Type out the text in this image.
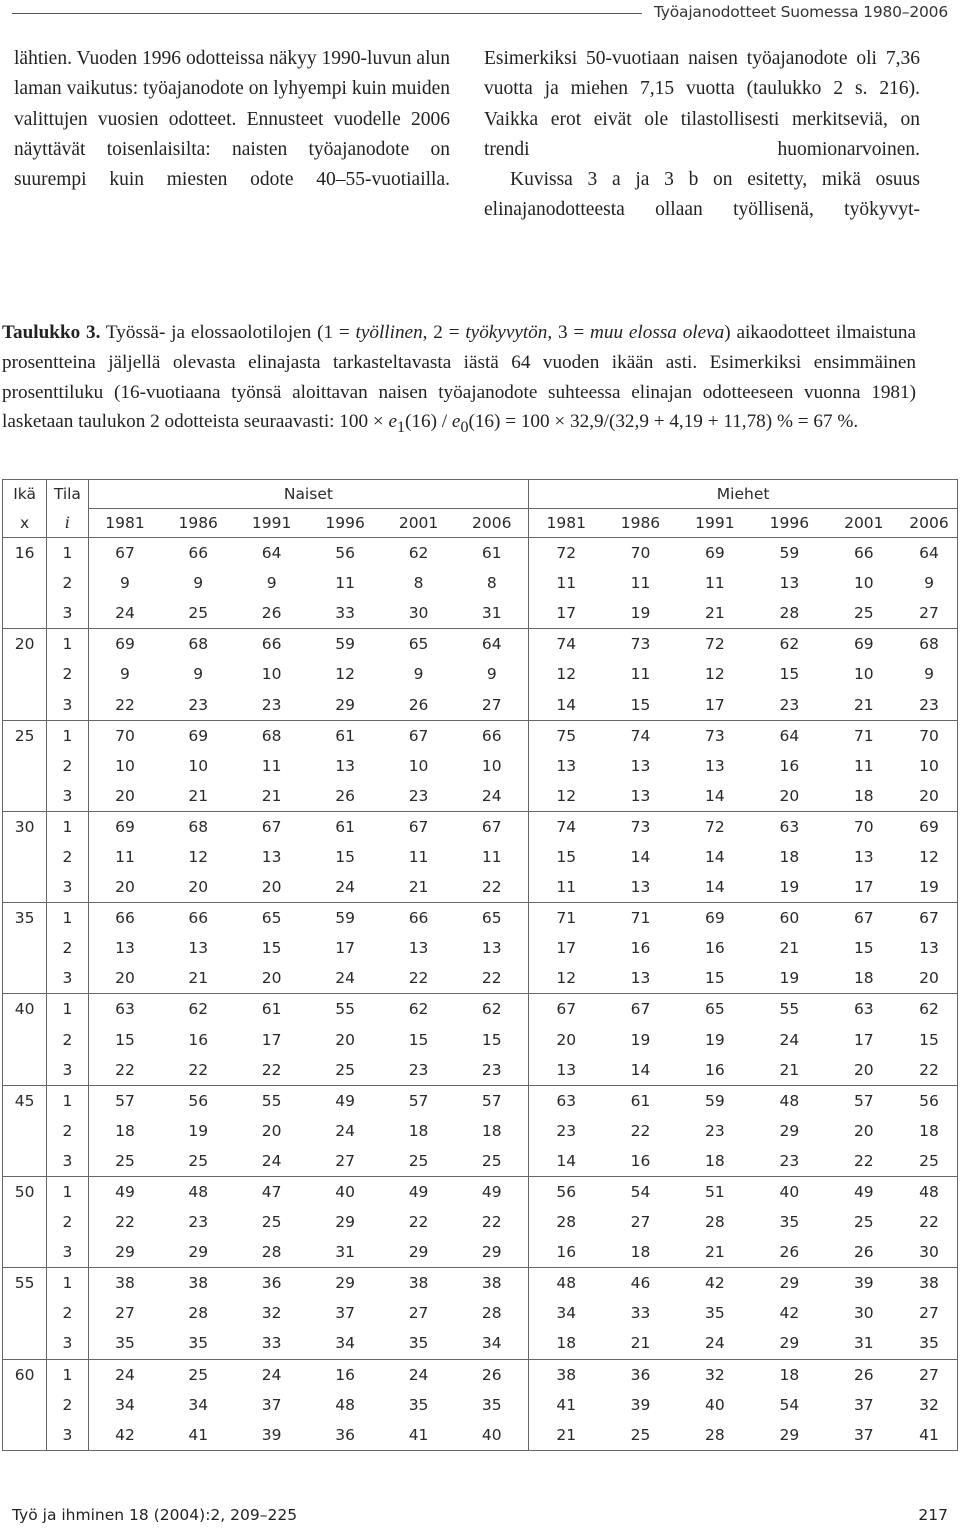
Työajanodotteet Suomessa 1980–2006

lähtien. Vuoden 1996 odotteissa näkyy 1990-luvun alun laman vaikutus: työajanodote on lyhyempi kuin muiden valittujen vuosien odotteet. Ennusteet vuodelle 2006 näyttävät toisenlaisilta: naisten työajanodote on suurempi kuin miesten odote 40–55-vuotiailla.

Esimerkiksi 50-vuotiaan naisen työajanodote oli 7,36 vuotta ja miehen 7,15 vuotta (taulukko 2 s. 216). Vaikka erot eivät ole tilastollisesti merkitseviä, on trendi huomionarvoinen.

Kuvissa 3 a ja 3 b on esitetty, mikä osuus elinajanodotteesta ollaan työllisenä, työkyvyt-

Taulukko 3. Työssä- ja elossaolotilojen (1 = työllinen, 2 = työkyvytön, 3 = muu elossa oleva) aikaodotteet ilmaistuna prosentteina jäljellä olevasta elinajasta tarkasteltavasta iästä 64 vuoden ikään asti. Esimerkiksi ensimmäinen prosenttiluku (16-vuotiaana työnsä aloittavan naisen työajanodote suhteessa elinajan odotteeseen vuonna 1981) lasketaan taulukon 2 odotteista seuraavasti: $100 \times e_1(16) / e_0(16) = 100 \times 32,9/(32,9 + 4,19 + 11,78)$ % = 67 %.
Ikä	Tila	Naiset						Miehet					
x	i	1981	1986	1991	1996	2001	2006	1981	1986	1991	1996	2001	2006
16	1	67	66	64	56	62	61	72	70	69	59	66	64
	2	9	9	9	11	8	8	11	11	11	13	10	9
	3	24	25	26	33	30	31	17	19	21	28	25	27
20	1	69	68	66	59	65	64	74	73	72	62	69	68
	2	9	9	10	12	9	9	12	11	12	15	10	9
	3	22	23	23	29	26	27	14	15	17	23	21	23
25	1	70	69	68	61	67	66	75	74	73	64	71	70
	2	10	10	11	13	10	10	13	13	13	16	11	10
	3	20	21	21	26	23	24	12	13	14	20	18	20
30	1	69	68	67	61	67	67	74	73	72	63	70	69
	2	11	12	13	15	11	11	15	14	14	18	13	12
	3	20	20	20	24	21	22	11	13	14	19	17	19
35	1	66	66	65	59	66	65	71	71	69	60	67	67
	2	13	13	15	17	13	13	17	16	16	21	15	13
	3	20	21	20	24	22	22	12	13	15	19	18	20
40	1	63	62	61	55	62	62	67	67	65	55	63	62
	2	15	16	17	20	15	15	20	19	19	24	17	15
	3	22	22	22	25	23	23	13	14	16	21	20	22
45	1	57	56	55	49	57	57	63	61	59	48	57	56
	2	18	19	20	24	18	18	23	22	23	29	20	18
	3	25	25	24	27	25	25	14	16	18	23	22	25
50	1	49	48	47	40	49	49	56	54	51	40	49	48
	2	22	23	25	29	22	22	28	27	28	35	25	22
	3	29	29	28	31	29	29	16	18	21	26	26	30
55	1	38	38	36	29	38	38	48	46	42	29	39	38
	2	27	28	32	37	27	28	34	33	35	42	30	27
	3	35	35	33	34	35	34	18	21	24	29	31	35
60	1	24	25	24	16	24	26	38	36	32	18	26	27
	2	34	34	37	48	35	35	41	39	40	54	37	32
	3	42	41	39	36	41	40	21	25	28	29	37	41
Työ ja ihminen 18 (2004):2, 209–225	217
